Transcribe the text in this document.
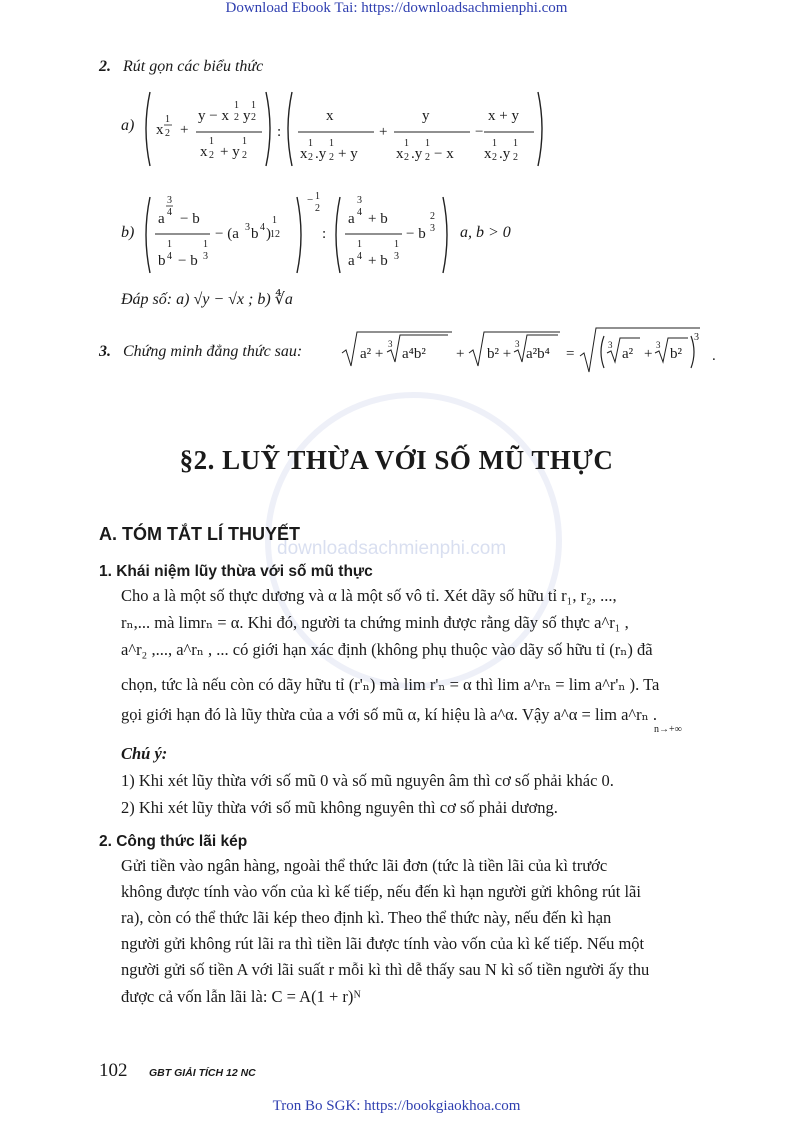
Download Ebook Tai: https://downloadsachmienphi.com
downloadsachmienphi.com
2. Rút gọn các biểu thức
a) x
1
2 +
y − x
1
2 y
1
2
x
1
2 + y
1
2
:
x
x
1
2 .y
1
2 + y
+
y
x
1
2 .y
1
2 − x
−
x + y
x
1
2 .y
1
2
b)
a
3
4 − b
b
1
4 − b
1
3
− (a 3 b 4 )
1
12
− 1
2
:
a
3
4 + b
a
1
4 + b
1
3
− b
2
3 a, b > 0
Đáp số: a) √y − √x ; b) ∜a
3. Chứng minh đẳng thức sau:	a² +
3
a⁴b² + b² +
3
a²b⁴ =
3
a² +
3
b²
3
.
§2. LUỸ THỪA VỚI SỐ MŨ THỰC
A. TÓM TẮT LÍ THUYẾT
1. Khái niệm lũy thừa với số mũ thực
Cho a là một số thực dương và α là một số vô tỉ. Xét dãy số hữu tỉ r₁, r₂, ...,
rₙ,... mà limrₙ = α. Khi đó, người ta chứng minh được rằng dãy số thực a^r₁ ,
a^r₂ ,..., a^rₙ , ... có giới hạn xác định (không phụ thuộc vào dãy số hữu tỉ (rₙ) đã
chọn, tức là nếu còn có dãy hữu tỉ (r'ₙ) mà lim r'ₙ = α thì lim a^rₙ = lim a^r'ₙ ). Ta
gọi giới hạn đó là lũy thừa của a với số mũ α, kí hiệu là a^α. Vậy a^α = lim a^rₙ .
n→+∞
Chú ý:
1) Khi xét lũy thừa với số mũ 0 và số mũ nguyên âm thì cơ số phải khác 0.
2) Khi xét lũy thừa với số mũ không nguyên thì cơ số phải dương.
2. Công thức lãi kép
Gửi tiền vào ngân hàng, ngoài thể thức lãi đơn (tức là tiền lãi của kì trước
không được tính vào vốn của kì kế tiếp, nếu đến kì hạn người gửi không rút lãi
ra), còn có thể thức lãi kép theo định kì. Theo thể thức này, nếu đến kì hạn
người gửi không rút lãi ra thì tiền lãi được tính vào vốn của kì kế tiếp. Nếu một
người gửi số tiền A với lãi suất r mỗi kì thì dễ thấy sau N kì số tiền người ấy thu
được cả vốn lẫn lãi là: C = A(1 + r)ᴺ
102 GBT GIẢI TÍCH 12 NC
Tron Bo SGK: https://bookgiaokhoa.com
